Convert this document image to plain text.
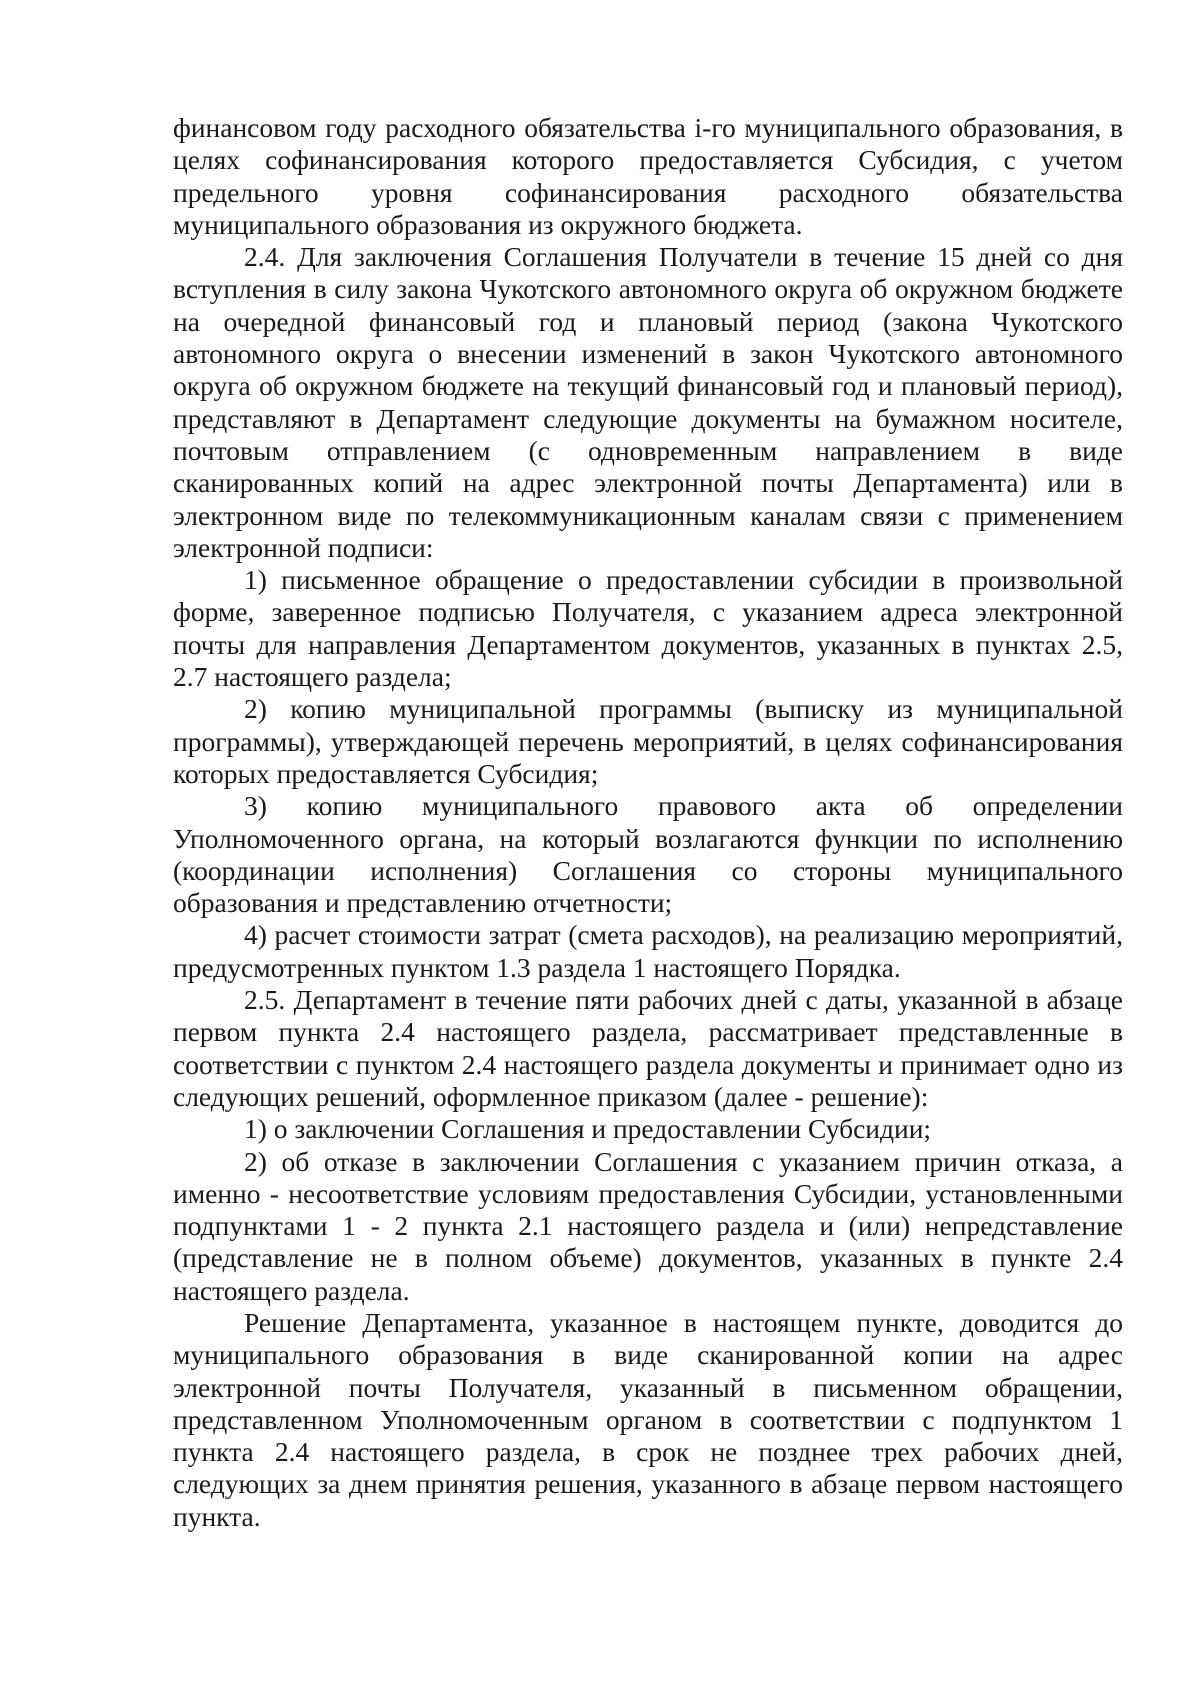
финансовом году расходного обязательства i-го муниципального образования, в целях софинансирования которого предоставляется Субсидия, с учетом предельного уровня софинансирования расходного обязательства муниципального образования из окружного бюджета.

2.4. Для заключения Соглашения Получатели в течение 15 дней со дня вступления в силу закона Чукотского автономного округа об окружном бюджете на очередной финансовый год и плановый период (закона Чукотского автономного округа о внесении изменений в закон Чукотского автономного округа об окружном бюджете на текущий финансовый год и плановый период), представляют в Департамент следующие документы на бумажном носителе, почтовым отправлением (с одновременным направлением в виде сканированных копий на адрес электронной почты Департамента) или в электронном виде по телекоммуникационным каналам связи с применением электронной подписи:

1) письменное обращение о предоставлении субсидии в произвольной форме, заверенное подписью Получателя, с указанием адреса электронной почты для направления Департаментом документов, указанных в пунктах 2.5, 2.7 настоящего раздела;

2) копию муниципальной программы (выписку из муниципальной программы), утверждающей перечень мероприятий, в целях софинансирования которых предоставляется Субсидия;

3) копию муниципального правового акта об определении Уполномоченного органа, на который возлагаются функции по исполнению (координации исполнения) Соглашения со стороны муниципального образования и представлению отчетности;

4) расчет стоимости затрат (смета расходов), на реализацию мероприятий, предусмотренных пунктом 1.3 раздела 1 настоящего Порядка.

2.5. Департамент в течение пяти рабочих дней с даты, указанной в абзаце первом пункта 2.4 настоящего раздела, рассматривает представленные в соответствии с пунктом 2.4 настоящего раздела документы и принимает одно из следующих решений, оформленное приказом (далее - решение):

1) о заключении Соглашения и предоставлении Субсидии;

2) об отказе в заключении Соглашения с указанием причин отказа, а именно - несоответствие условиям предоставления Субсидии, установленными подпунктами 1 - 2 пункта 2.1 настоящего раздела и (или) непредставление (представление не в полном объеме) документов, указанных в пункте 2.4 настоящего раздела.

Решение Департамента, указанное в настоящем пункте, доводится до муниципального образования в виде сканированной копии на адрес электронной почты Получателя, указанный в письменном обращении, представленном Уполномоченным органом в соответствии с подпунктом 1 пункта 2.4 настоящего раздела, в срок не позднее трех рабочих дней, следующих за днем принятия решения, указанного в абзаце первом настоящего пункта.
